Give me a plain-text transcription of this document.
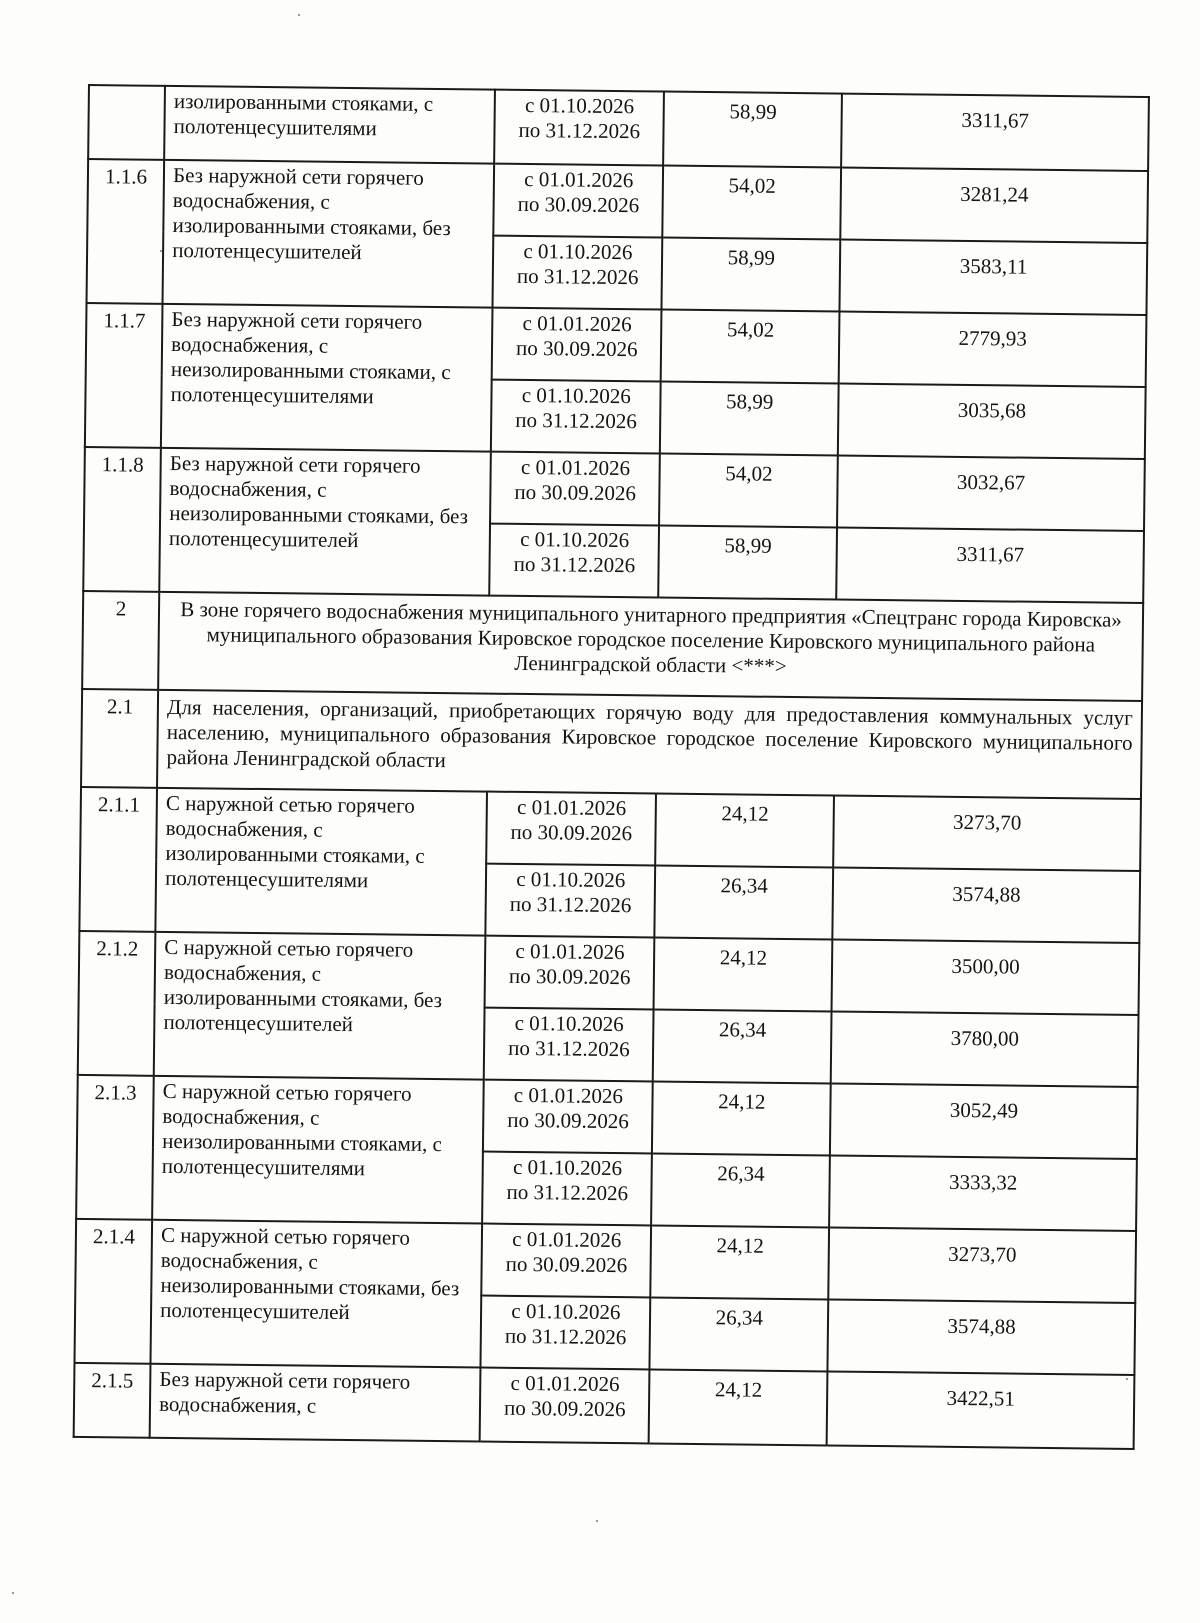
	изолированными стояками, с полотенцесушителями	с 01.10.2026
по 31.12.2026	58,99	3311,67
1.1.6	Без наружной сети горячего водоснабжения, с изолированными стояками, без полотенцесушителей	с 01.01.2026
по 30.09.2026	54,02	3281,24

		с 01.10.2026
по 31.12.2026	58,99	3583,11
1.1.7	Без наружной сети горячего водоснабжения, с неизолированными стояками, с полотенцесушителями	с 01.01.2026
по 30.09.2026	54,02	2779,93

		с 01.10.2026
по 31.12.2026	58,99	3035,68
1.1.8	Без наружной сети горячего водоснабжения, с неизолированными стояками, без полотенцесушителей	с 01.01.2026
по 30.09.2026	54,02	3032,67

		с 01.10.2026
по 31.12.2026	58,99	3311,67
2	В зоне горячего водоснабжения муниципального унитарного предприятия «Спецтранс города Кировска» муниципального образования Кировское городское поселение Кировского муниципального района Ленинградской области <***>			
2.1	Для населения, организаций, приобретающих горячую воду для предоставления коммунальных услуг населению, муниципального образования Кировское городское поселение Кировского муниципального района Ленинградской области			
2.1.1	С наружной сетью горячего водоснабжения, с изолированными стояками, с полотенцесушителями	с 01.01.2026
по 30.09.2026	24,12	3273,70

		с 01.10.2026
по 31.12.2026	26,34	3574,88
2.1.2	С наружной сетью горячего водоснабжения, с изолированными стояками, без полотенцесушителей	с 01.01.2026
по 30.09.2026	24,12	3500,00

		с 01.10.2026
по 31.12.2026	26,34	3780,00
2.1.3	С наружной сетью горячего водоснабжения, с неизолированными стояками, с полотенцесушителями	с 01.01.2026
по 30.09.2026	24,12	3052,49

		с 01.10.2026
по 31.12.2026	26,34	3333,32
2.1.4	С наружной сетью горячего водоснабжения, с неизолированными стояками, без полотенцесушителей	с 01.01.2026
по 30.09.2026	24,12	3273,70

		с 01.10.2026
по 31.12.2026	26,34	3574,88
2.1.5	Без наружной сети горячего водоснабжения, с	с 01.01.2026
по 30.09.2026	24,12	3422,51
